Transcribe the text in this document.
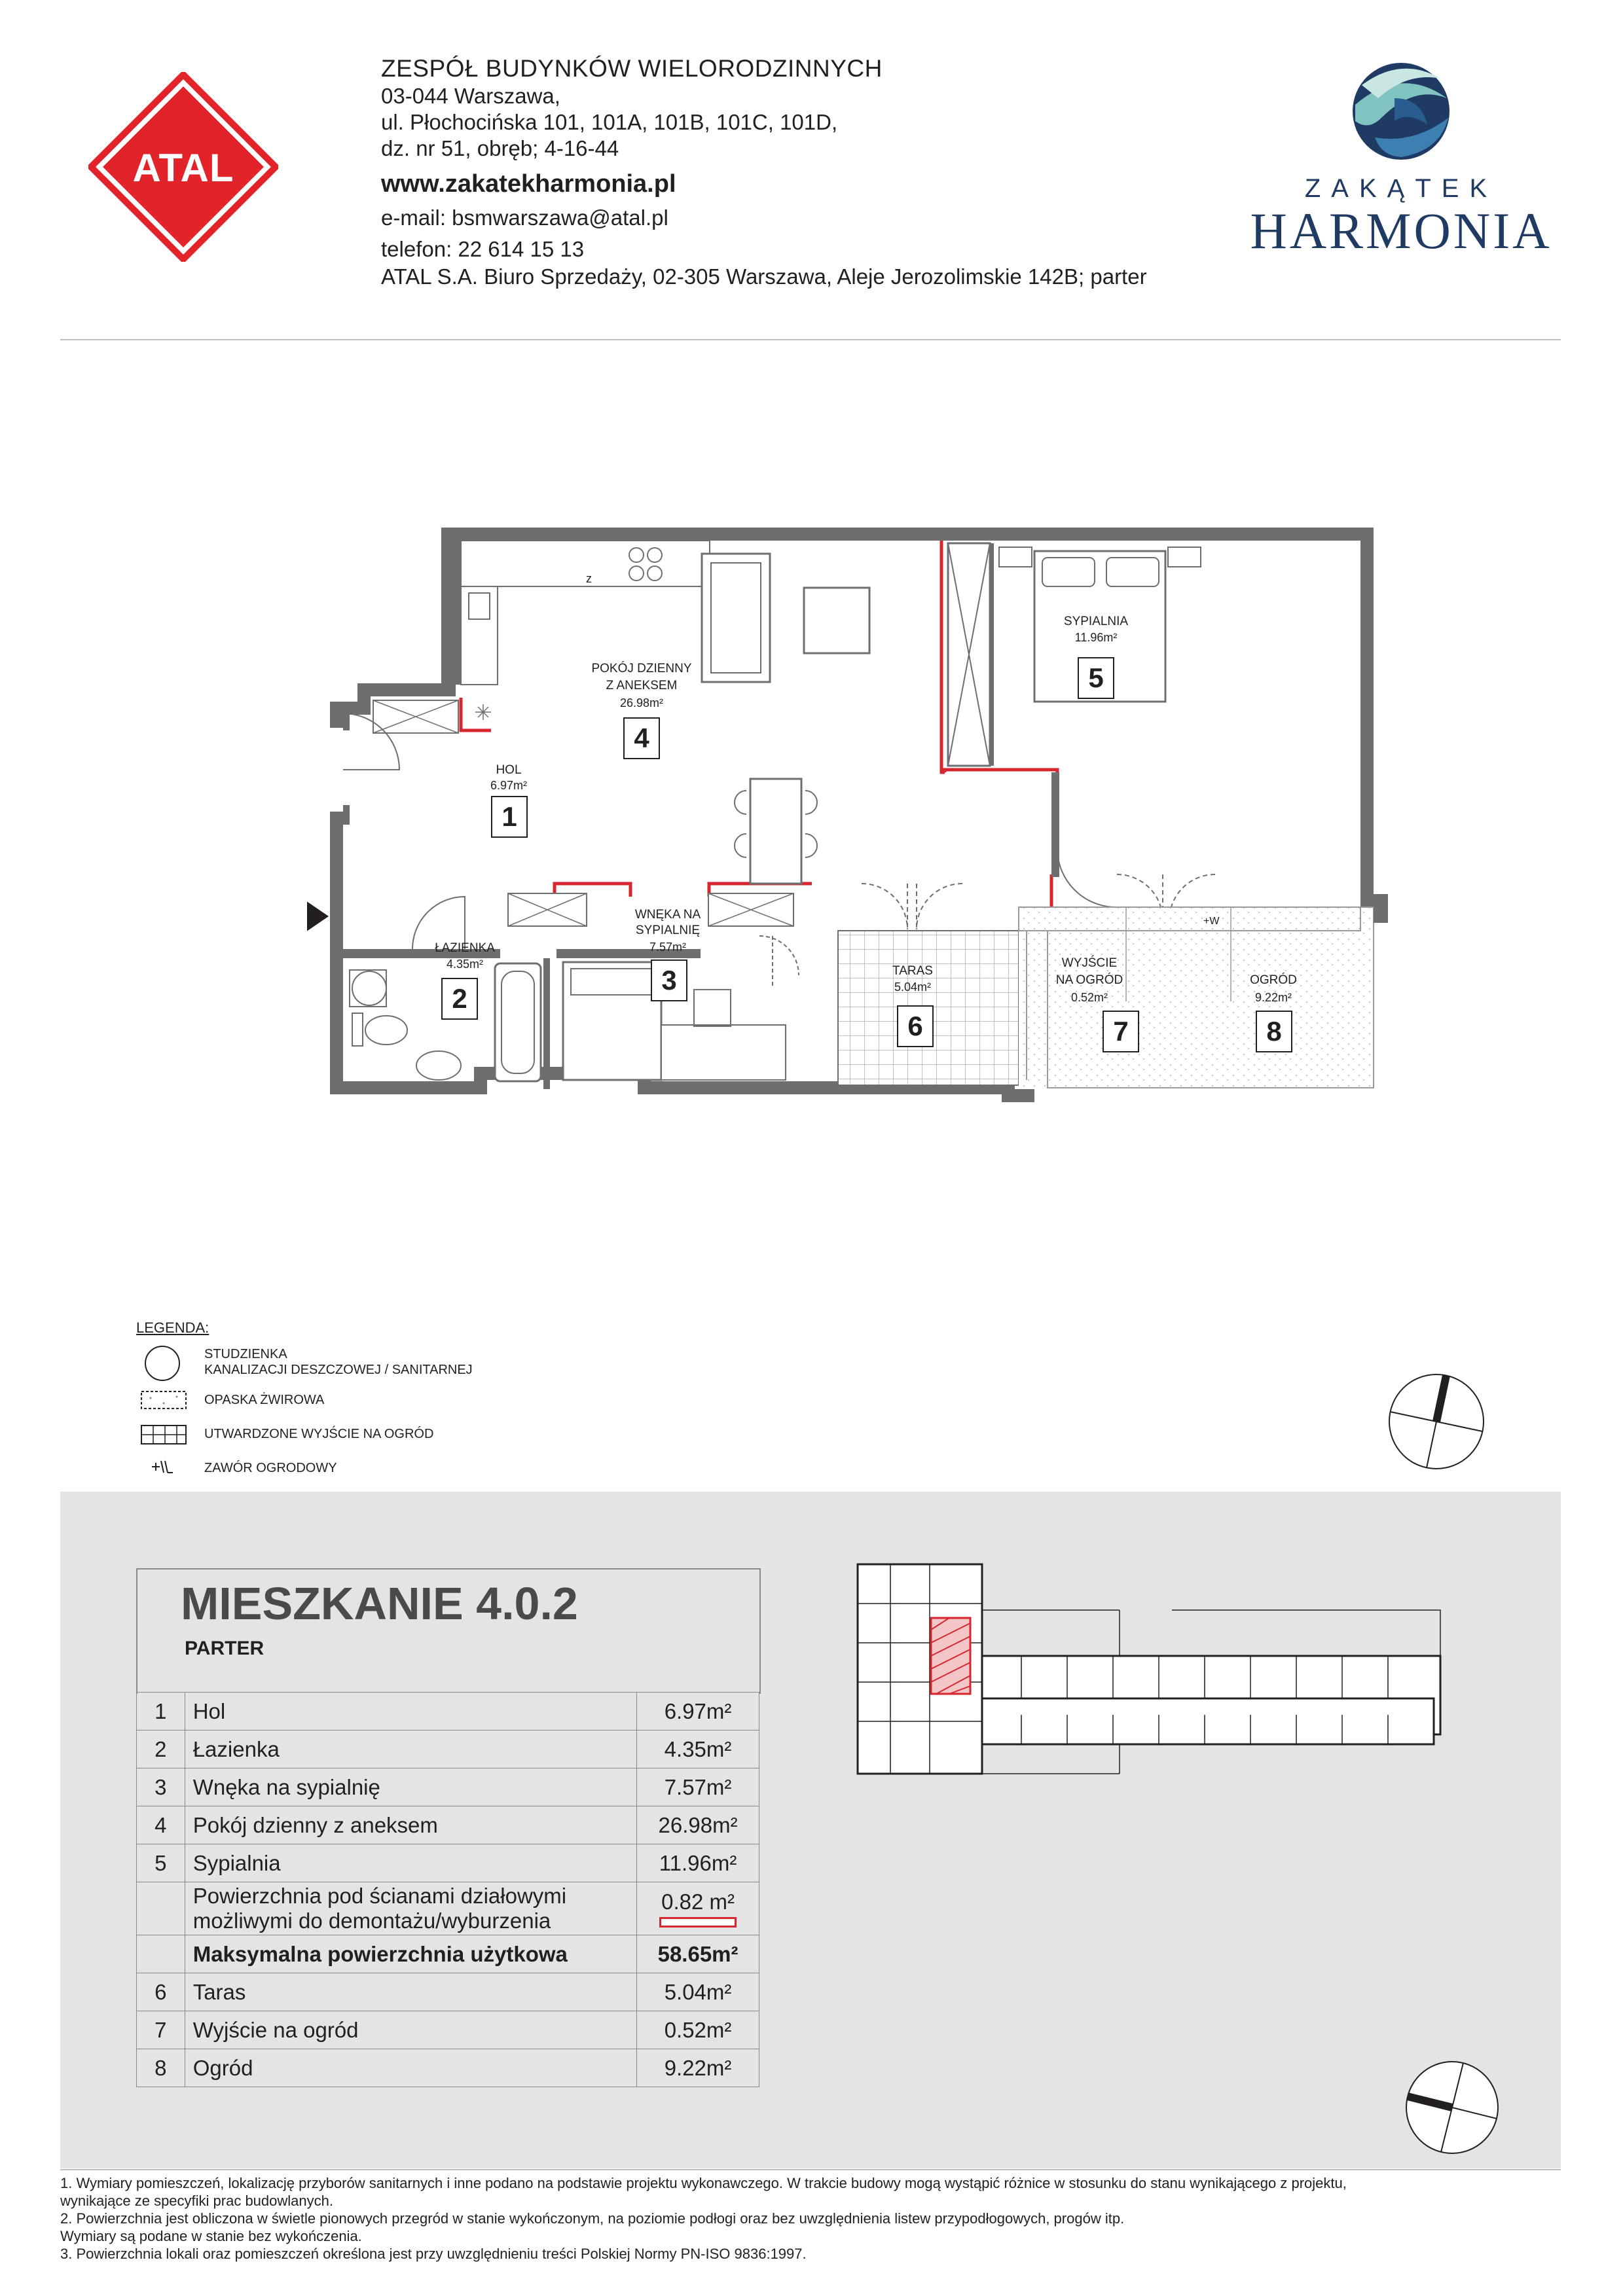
ATAL
ZESPÓŁ BUDYNKÓW WIELORODZINNYCH
03-044 Warszawa,
ul. Płochocińska 101, 101A, 101B, 101C, 101D,
dz. nr 51, obręb; 4-16-44
www.zakatekharmonia.pl
e-mail: bsmwarszawa@atal.pl
telefon: 22 614 15 13
ATAL S.A. Biuro Sprzedaży, 02-305 Warszawa, Aleje Jerozolimskie 142B; parter
ZAKĄTEK
HARMONIA
z
+W
HOL
6.97m²
1
ŁAZIENKA
4.35m²
2
WNĘKA NA
SYPIALNIĘ
7.57m²
3
POKÓJ DZIENNY
Z ANEKSEM
26.98m²
4
SYPIALNIA
11.96m²
5
TARAS
5.04m²
6
WYJŚCIE
NA OGRÓD
0.52m²
7
OGRÓD
9.22m²
8
LEGENDA:
STUDZIENKA
KANALIZACJI DESZCZOWEJ / SANITARNEJ
OPASKA ŻWIROWA
UTWARDZONE WYJŚCIE NA OGRÓD
ZAWÓR OGRODOWY
MIESZKANIE 4.0.2
PARTER
1	Hol	6.97m²
2	Łazienka	4.35m²
3	Wnęka na sypialnię	7.57m²
4	Pokój dzienny z aneksem	26.98m²
5	Sypialnia	11.96m²

	Powierzchnia pod ścianami działowymi
możliwymi do demontażu/wyburzenia	0.82 m²

	Maksymalna powierzchnia użytkowa	58.65m²
6	Taras	5.04m²
7	Wyjście na ogród	0.52m²
8	Ogród	9.22m²
1. Wymiary pomieszczeń, lokalizację przyborów sanitarnych i inne podano na podstawie projektu wykonawczego. W trakcie budowy mogą wystąpić różnice w stosunku do stanu wynikającego z projektu,
wynikające ze specyfiki prac budowlanych.
2. Powierzchnia jest obliczona w świetle pionowych przegród w stanie wykończonym, na poziomie podłogi oraz bez uwzględnienia listew przypodłogowych, progów itp.
Wymiary są podane w stanie bez wykończenia.
3. Powierzchnia lokali oraz pomieszczeń określona jest przy uwzględnieniu treści Polskiej Normy PN-ISO 9836:1997.
